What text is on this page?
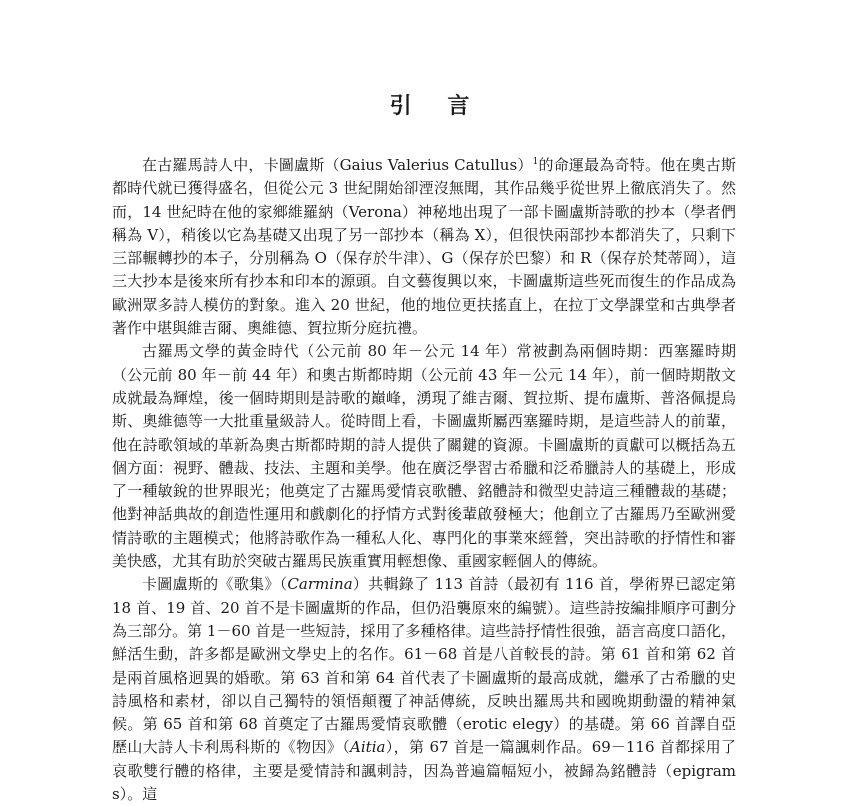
引 言

在古羅馬詩人中，卡圖盧斯（Gaius Valerius Catullus）$^1$的命運最為奇特。他在奧古斯都時代就已獲得盛名，但從公元 3 世紀開始卻湮沒無聞，其作品幾乎從世界上徹底消失了。然而，14 世紀時在他的家鄉維羅納（Verona）神秘地出現了一部卡圖盧斯詩歌的抄本（學者們稱為 V），稍後以它為基礎又出現了另一部抄本（稱為 X），但很快兩部抄本都消失了，只剩下三部輾轉抄的本子，分別稱為 O（保存於牛津）、G（保存於巴黎）和 R（保存於梵蒂岡），這三大抄本是後來所有抄本和印本的源頭。自文藝復興以來，卡圖盧斯這些死而復生的作品成為歐洲眾多詩人模仿的對象。進入 20 世紀，他的地位更扶搖直上，在拉丁文學課堂和古典學者著作中堪與維吉爾、奧維德、賀拉斯分庭抗禮。

古羅馬文學的黃金時代（公元前 80 年－公元 14 年）常被劃為兩個時期：西塞羅時期（公元前 80 年－前 44 年）和奧古斯都時期（公元前 43 年－公元 14 年），前一個時期散文成就最為輝煌，後一個時期則是詩歌的巔峰，湧現了維吉爾、賀拉斯、提布盧斯、普洛佩提烏斯、奧維德等一大批重量級詩人。從時間上看，卡圖盧斯屬西塞羅時期，是這些詩人的前輩，他在詩歌領域的革新為奧古斯都時期的詩人提供了關鍵的資源。卡圖盧斯的貢獻可以概括為五個方面：視野、體裁、技法、主題和美學。他在廣泛學習古希臘和泛希臘詩人的基礎上，形成了一種敏銳的世界眼光；他奠定了古羅馬愛情哀歌體、銘體詩和微型史詩這三種體裁的基礎；他對神話典故的創造性運用和戲劇化的抒情方式對後輩啟發極大；他創立了古羅馬乃至歐洲愛情詩歌的主題模式；他將詩歌作為一種私人化、專門化的事業來經營，突出詩歌的抒情性和審美快感，尤其有助於突破古羅馬民族重實用輕想像、重國家輕個人的傳統。

卡圖盧斯的《歌集》（Carmina）共輯錄了 113 首詩（最初有 116 首，學術界已認定第 18 首、19 首、20 首不是卡圖盧斯的作品，但仍沿襲原來的編號）。這些詩按編排順序可劃分為三部分。第 1－60 首是一些短詩，採用了多種格律。這些詩抒情性很強，語言高度口語化，鮮活生動，許多都是歐洲文學史上的名作。61－68 首是八首較長的詩。第 61 首和第 62 首是兩首風格迥異的婚歌。第 63 首和第 64 首代表了卡圖盧斯的最高成就，繼承了古希臘的史詩風格和素材，卻以自己獨特的領悟顛覆了神話傳統，反映出羅馬共和國晚期動盪的精神氣候。第 65 首和第 68 首奠定了古羅馬愛情哀歌體（erotic elegy）的基礎。第 66 首譯自亞歷山大詩人卡利馬科斯的《物因》（Aitia），第 67 首是一篇諷刺作品。69－116 首都採用了哀歌雙行體的格律，主要是愛情詩和諷刺詩，因為普遍篇幅短小，被歸為銘體詩（epigrams）。這
